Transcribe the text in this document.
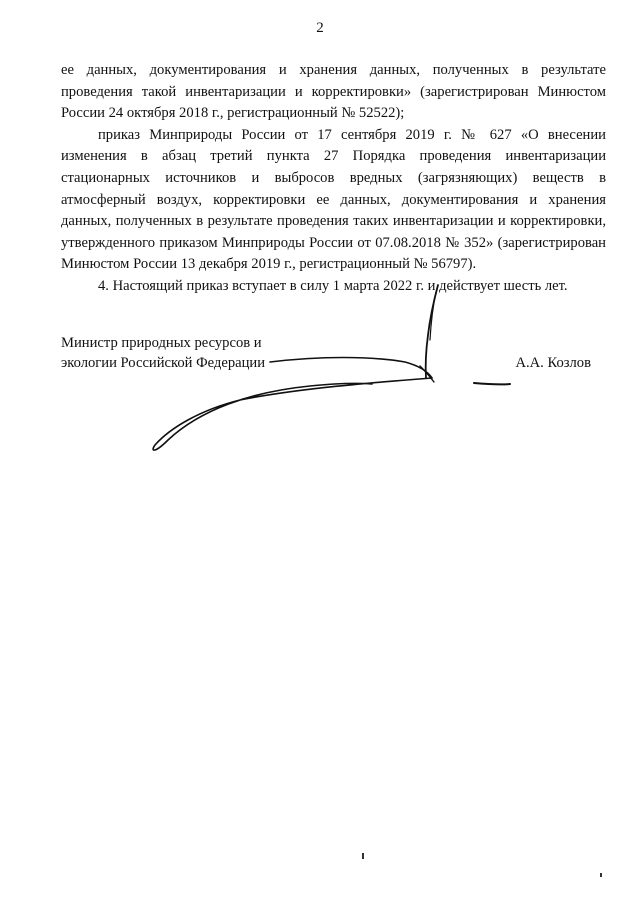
2

ее данных, документирования и хранения данных, полученных в результате проведения такой инвентаризации и корректировки» (зарегистрирован Минюстом России 24 октября 2018 г., регистрационный № 52522);

приказ Минприроды России от 17 сентября 2019 г. № 627 «О внесении изменения в абзац третий пункта 27 Порядка проведения инвентаризации стационарных источников и выбросов вредных (загрязняющих) веществ в атмосферный воздух, корректировки ее данных, документирования и хранения данных, полученных в результате проведения таких инвентаризации и корректировки, утвержденного приказом Минприроды России от 07.08.2018 № 352» (зарегистрирован Минюстом России 13 декабря 2019 г., регистрационный № 56797).

4. Настоящий приказ вступает в силу 1 марта 2022 г. и действует шесть лет.

Министр природных ресурсов и
экологии Российской Федерации	А.А. Козлов
